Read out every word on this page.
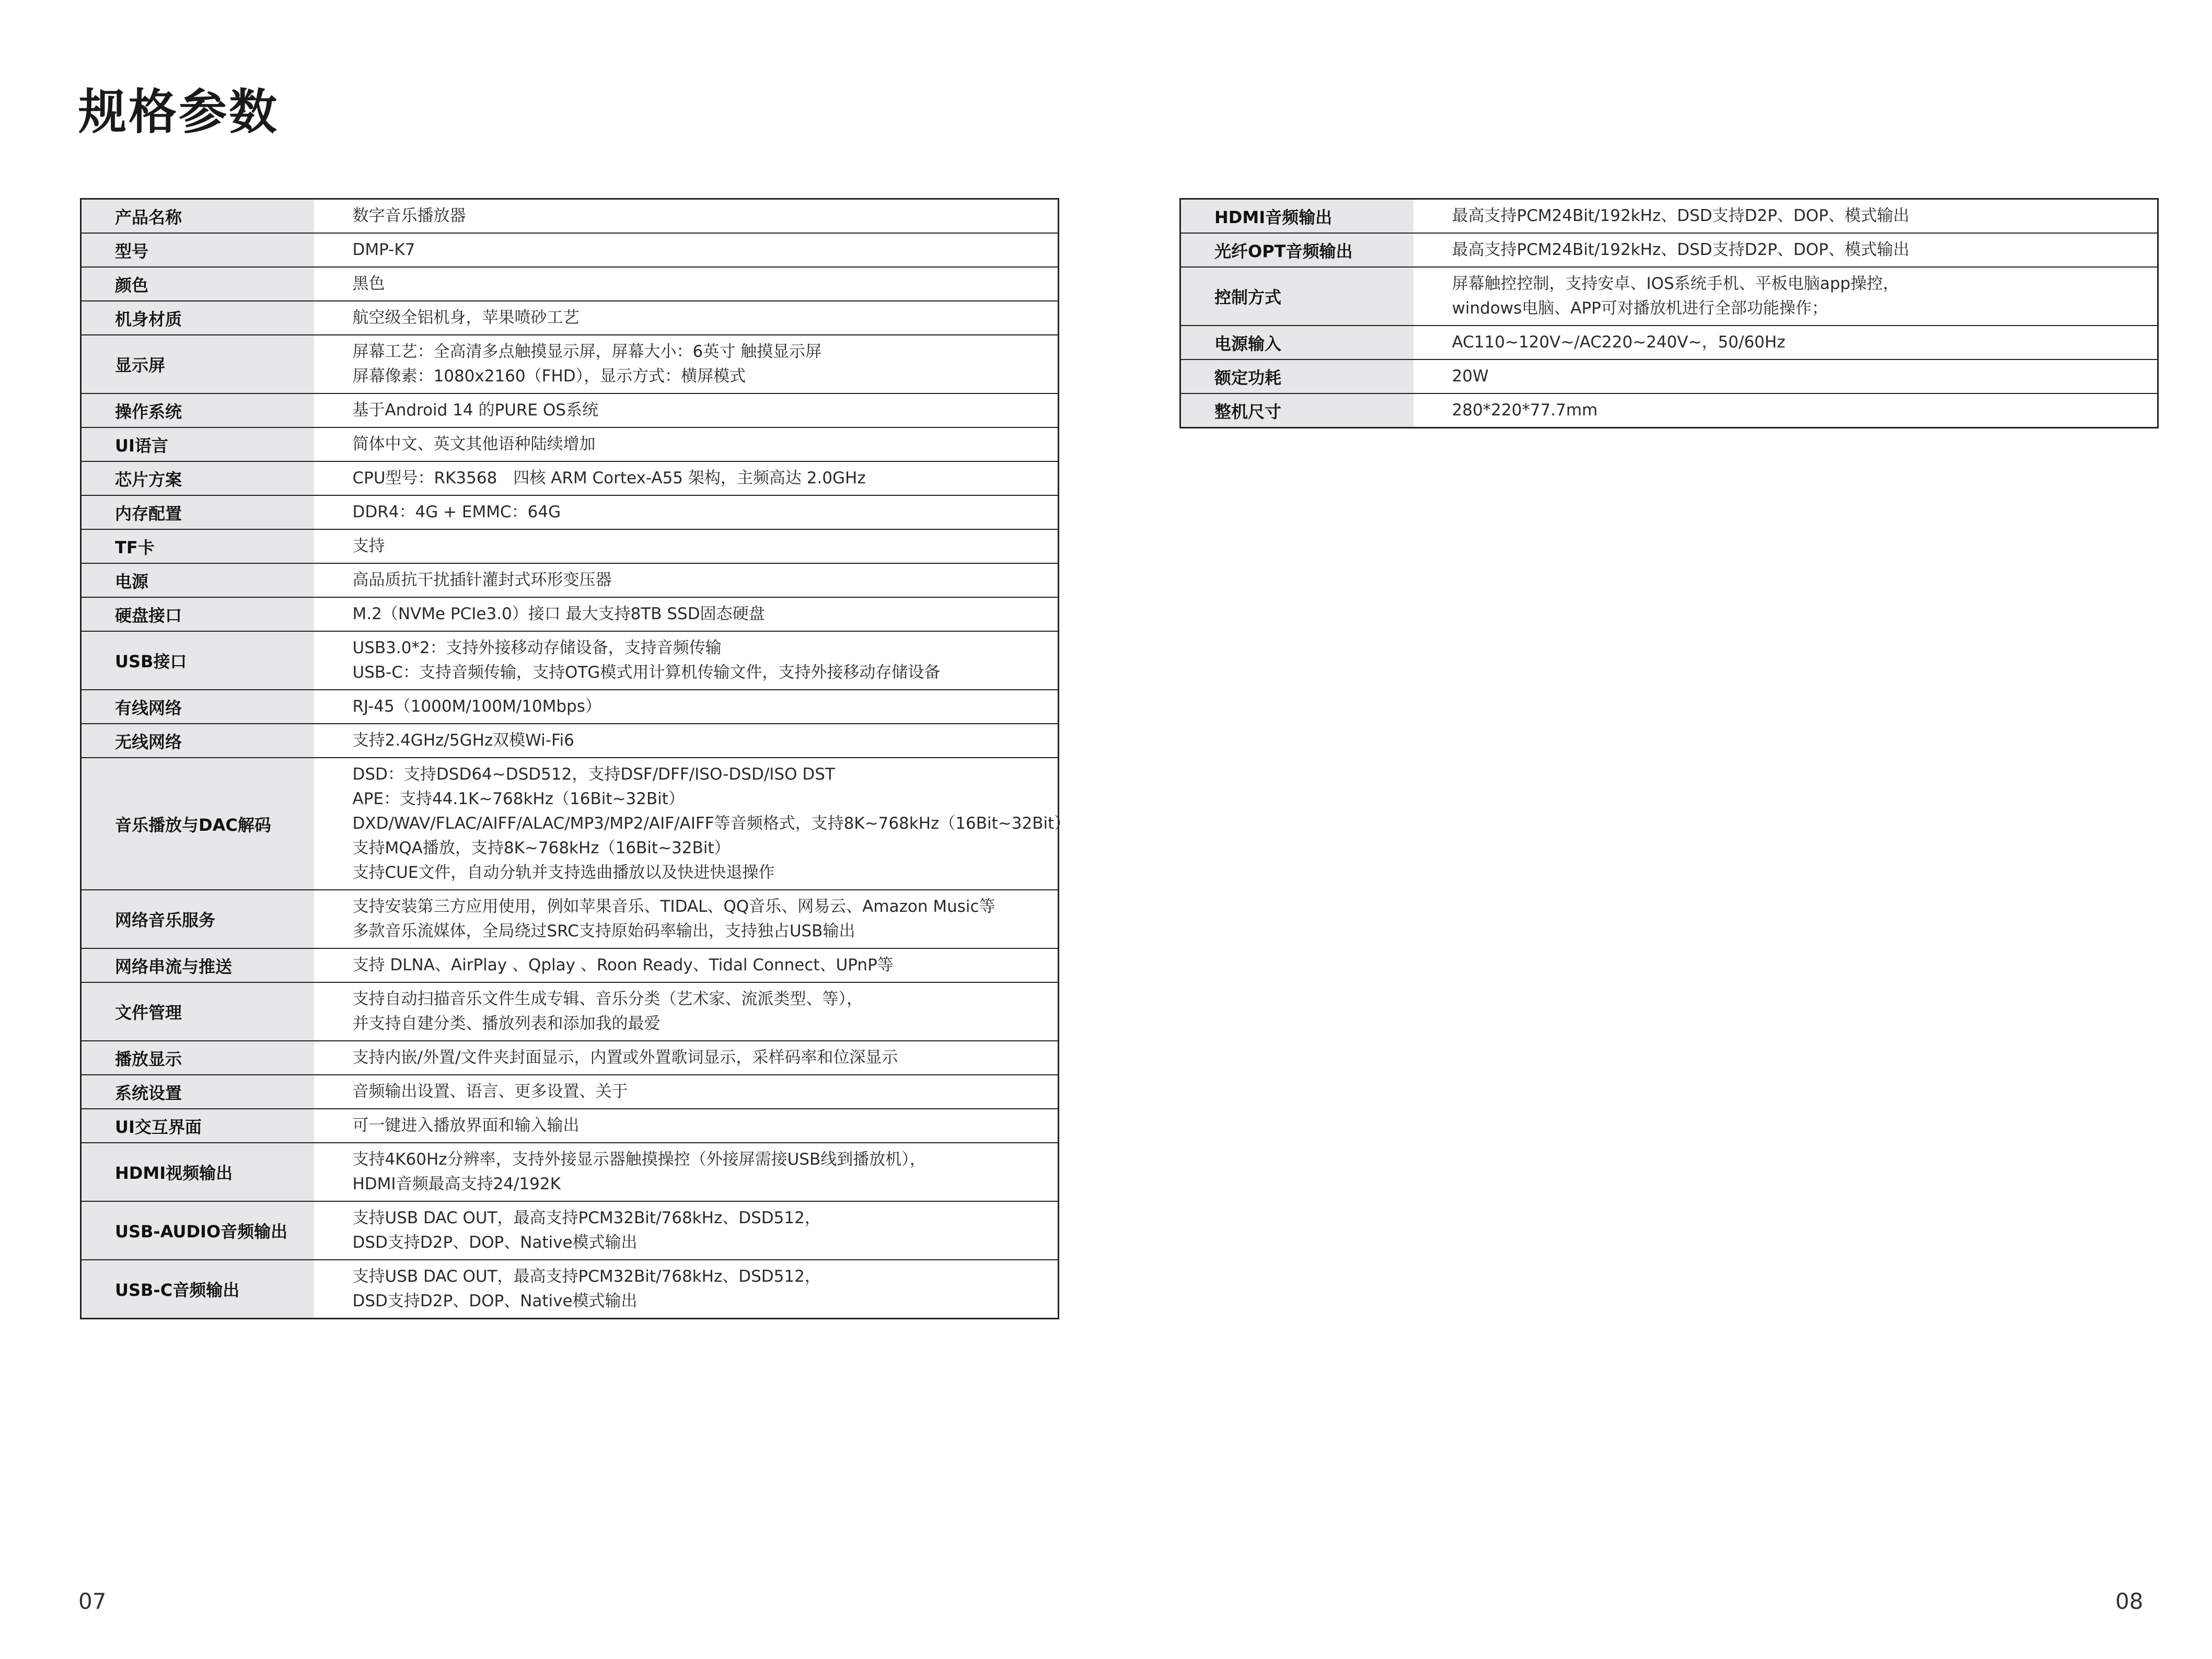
规格参数
产品名称	数字音乐播放器

型号	DMP-K7

颜色	黑色

机身材质	航空级全铝机身，苹果喷砂工艺

显示屏	屏幕工艺：全高清多点触摸显示屏，屏幕大小：6英寸 触摸显示屏
屏幕像素：1080x2160（FHD），显示方式：横屏模式

操作系统	基于Android 14 的PURE OS系统

UI语言	简体中文、英文其他语种陆续增加

芯片方案	CPU型号：RK3568　四核 ARM Cortex-A55 架构，主频高达 2.0GHz

内存配置	DDR4：4G + EMMC：64G

TF卡	支持

电源	高品质抗干扰插针灌封式环形变压器

硬盘接口	M.2（NVMe PCIe3.0）接口 最大支持8TB SSD固态硬盘

USB接口	USB3.0*2：支持外接移动存储设备，支持音频传输
USB-C：支持音频传输，支持OTG模式用计算机传输文件，支持外接移动存储设备

有线网络	RJ-45（1000M/100M/10Mbps）

无线网络	支持2.4GHz/5GHz双模Wi-Fi6

音乐播放与DAC解码	DSD：支持DSD64~DSD512，支持DSF/DFF/ISO-DSD/ISO DST
APE：支持44.1K~768kHz（16Bit~32Bit）
DXD/WAV/FLAC/AIFF/ALAC/MP3/MP2/AIF/AIFF等音频格式，支持8K~768kHz（16Bit~32Bit）
支持MQA播放，支持8K~768kHz（16Bit~32Bit）
支持CUE文件，自动分轨并支持选曲播放以及快进快退操作

网络音乐服务	支持安装第三方应用使用，例如苹果音乐、TIDAL、QQ音乐、网易云、Amazon Music等
多款音乐流媒体，全局绕过SRC支持原始码率输出，支持独占USB输出

网络串流与推送	支持 DLNA、AirPlay 、Qplay 、Roon Ready、Tidal Connect、UPnP等

文件管理	支持自动扫描音乐文件生成专辑、音乐分类（艺术家、流派类型、等），
并支持自建分类、播放列表和添加我的最爱

播放显示	支持内嵌/外置/文件夹封面显示，内置或外置歌词显示，采样码率和位深显示

系统设置	音频输出设置、语言、更多设置、关于

UI交互界面	可一键进入播放界面和输入输出

HDMI视频输出	支持4K60Hz分辨率，支持外接显示器触摸操控（外接屏需接USB线到播放机），
HDMI音频最高支持24/192K

USB-AUDIO音频输出	支持USB DAC OUT，最高支持PCM32Bit/768kHz、DSD512，
DSD支持D2P、DOP、Native模式输出

USB-C音频输出	支持USB DAC OUT，最高支持PCM32Bit/768kHz、DSD512，
DSD支持D2P、DOP、Native模式输出
HDMI音频输出	最高支持PCM24Bit/192kHz、DSD支持D2P、DOP、模式输出

光纤OPT音频输出	最高支持PCM24Bit/192kHz、DSD支持D2P、DOP、模式输出

控制方式	屏幕触控控制，支持安卓、IOS系统手机、平板电脑app操控，
windows电脑、APP可对播放机进行全部功能操作；

电源输入	AC110~120V~/AC220~240V~，50/60Hz

额定功耗	20W

整机尺寸	280*220*77.7mm
07	08
